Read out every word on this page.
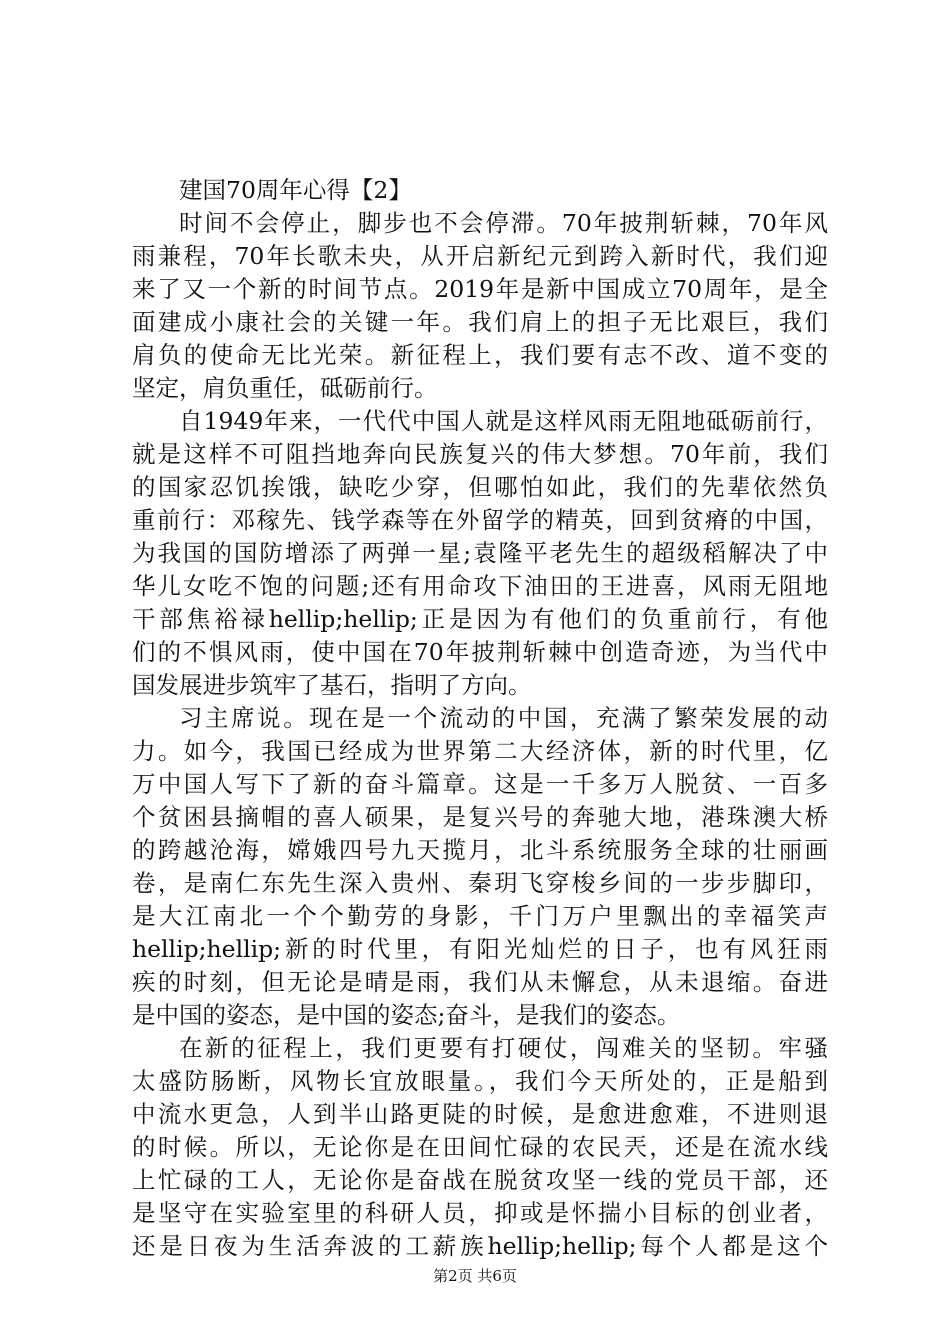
建国70周年心得【2】
时间不会停止，脚步也不会停滞。70年披荆斩棘，70年风
雨兼程，70年长歌未央，从开启新纪元到跨入新时代，我们迎
来了又一个新的时间节点。2019年是新中国成立70周年，是全
面建成小康社会的关键一年。我们肩上的担子无比艰巨，我们
肩负的使命无比光荣。新征程上，我们要有志不改、道不变的
坚定，肩负重任，砥砺前行。
自1949年来，一代代中国人就是这样风雨无阻地砥砺前行，
就是这样不可阻挡地奔向民族复兴的伟大梦想。70年前，我们
的国家忍饥挨饿，缺吃少穿，但哪怕如此，我们的先辈依然负
重前行：邓稼先、钱学森等在外留学的精英，回到贫瘠的中国，
为我国的国防增添了两弹一星;袁隆平老先生的超级稻解决了中
华儿女吃不饱的问题;还有用命攻下油田的王进喜，风雨无阻地
干部焦裕禄hellip;hellip;正是因为有他们的负重前行，有他
们的不惧风雨，使中国在70年披荆斩棘中创造奇迹，为当代中
国发展进步筑牢了基石，指明了方向。
习主席说。现在是一个流动的中国，充满了繁荣发展的动
力。如今，我国已经成为世界第二大经济体，新的时代里，亿
万中国人写下了新的奋斗篇章。这是一千多万人脱贫、一百多
个贫困县摘帽的喜人硕果，是复兴号的奔驰大地，港珠澳大桥
的跨越沧海，嫦娥四号九天揽月，北斗系统服务全球的壮丽画
卷，是南仁东先生深入贵州、秦玥飞穿梭乡间的一步步脚印，
是大江南北一个个勤劳的身影，千门万户里飘出的幸福笑声
hellip;hellip;新的时代里，有阳光灿烂的日子，也有风狂雨
疾的时刻，但无论是晴是雨，我们从未懈怠，从未退缩。奋进
是中国的姿态，是中国的姿态;奋斗，是我们的姿态。
在新的征程上，我们更要有打硬仗，闯难关的坚韧。牢骚
太盛防肠断，风物长宜放眼量。，我们今天所处的，正是船到
中流水更急，人到半山路更陡的时候，是愈进愈难，不进则退
的时候。所以，无论你是在田间忙碌的农民兲，还是在流水线
上忙碌的工人，无论你是奋战在脱贫攻坚一线的党员干部，还
是坚守在实验室里的科研人员，抑或是怀揣小目标的创业者，
还是日夜为生活奔波的工薪族hellip;hellip;每个人都是这个
第2页 共6页
